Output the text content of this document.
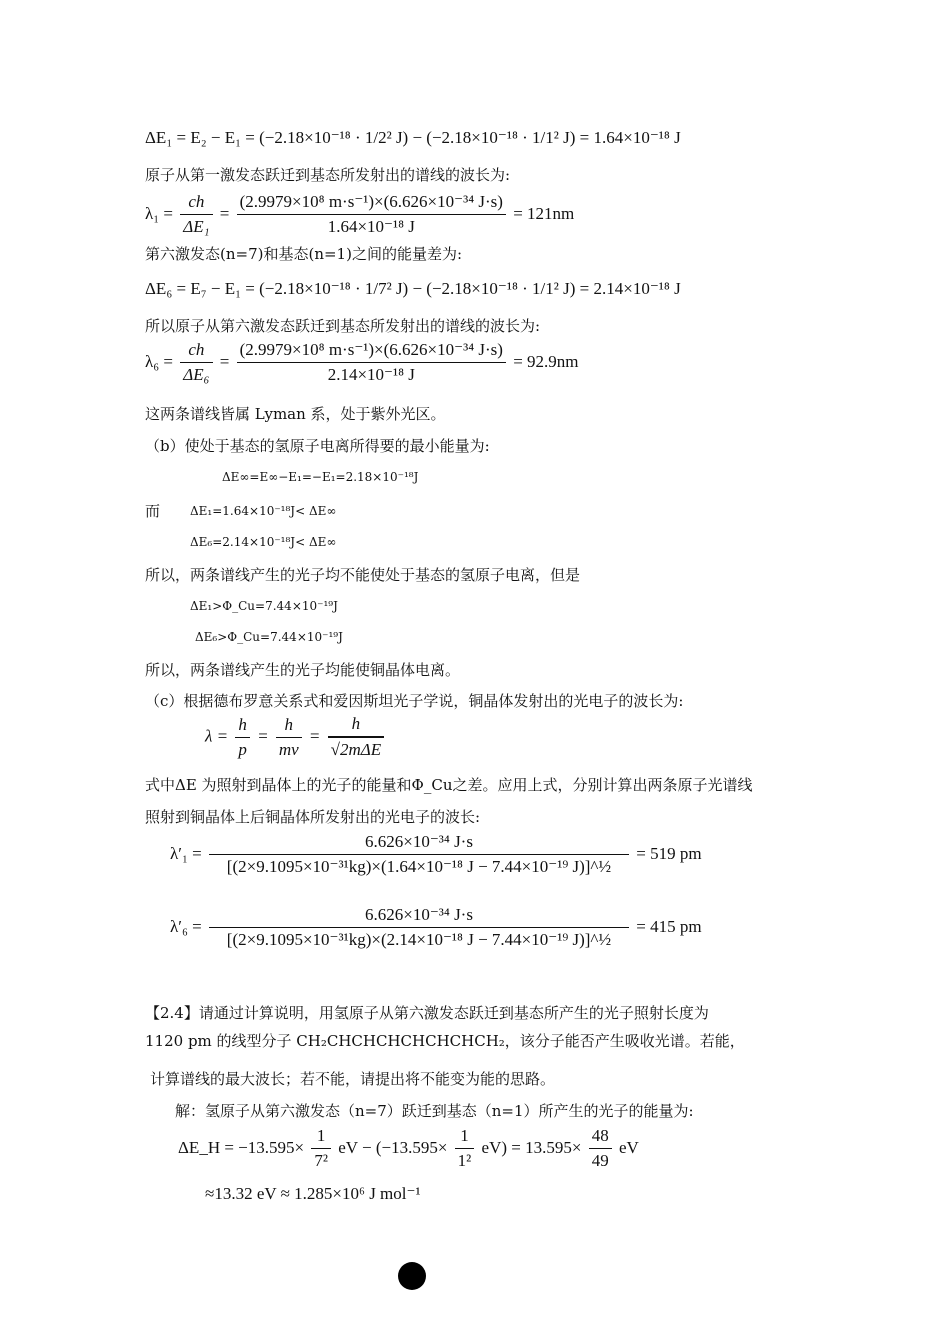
ΔE₁ = E₂ − E₁ = (−2.18×10⁻¹⁸ · 1/2² J) − (−2.18×10⁻¹⁸ · 1/1² J) = 1.64×10⁻¹⁸ J
原子从第一激发态跃迁到基态所发射出的谱线的波长为:
$\lambda_1 = \frac{ch}{\text{ΔE₁}} = \frac{\text{(2.9979×10⁸ m·s⁻¹)×(6.626×10⁻³⁴ J·s)}}{\text{1.64×10⁻¹⁸ J}} = 121nm$
第六激发态(n=7)和基态(n=1)之间的能量差为:
ΔE₆ = E₇ − E₁ = (−2.18×10⁻¹⁸ · 1/7² J) − (−2.18×10⁻¹⁸ · 1/1² J) = 2.14×10⁻¹⁸ J
所以原子从第六激发态跃迁到基态所发射出的谱线的波长为:
$\lambda_6 = \frac{ch}{\text{ΔE₆}} = \frac{\text{(2.9979×10⁸ m·s⁻¹)×(6.626×10⁻³⁴ J·s)}}{\text{2.14×10⁻¹⁸ J}} = 92.9nm$
这两条谱线皆属 Lyman 系，处于紫外光区。
（b）使处于基态的氢原子电离所得要的最小能量为:
ΔE∞=E∞−E₁=−E₁=2.18×10⁻¹⁸J
而 ΔE₁=1.64×10⁻¹⁸J< ΔE∞
ΔE₆=2.14×10⁻¹⁸J< ΔE∞
所以，两条谱线产生的光子均不能使处于基态的氢原子电离，但是
ΔE₁>Φ_Cu=7.44×10⁻¹⁹J
ΔE₆>Φ_Cu=7.44×10⁻¹⁹J
所以，两条谱线产生的光子均能使铜晶体电离。
（c）根据德布罗意关系式和爱因斯坦光子学说，铜晶体发射出的光电子的波长为:
$\lambda = \frac{h}{p} = \frac{h}{mv} = \frac{h}{\text{√2mΔE}}$
式中ΔE 为照射到晶体上的光子的能量和Φ_Cu之差。应用上式，分别计算出两条原子光谱线
照射到铜晶体上后铜晶体所发射出的光电子的波长:
$\lambda'_1 = \frac{\text{6.626×10⁻³⁴ J·s}}{\text{[(2×9.1095×10⁻³¹kg)×(1.64×10⁻¹⁸ J − 7.44×10⁻¹⁹ J)]\textasciicircum{}½}} = 519$ pm
$\lambda'_6 = \frac{\text{6.626×10⁻³⁴ J·s}}{\text{[(2×9.1095×10⁻³¹kg)×(2.14×10⁻¹⁸ J − 7.44×10⁻¹⁹ J)]\textasciicircum{}½}} = 415$ pm
【2.4】请通过计算说明，用氢原子从第六激发态跃迁到基态所产生的光子照射长度为
1120 pm 的线型分子 CH₂CHCHCHCHCHCHCH₂，该分子能否产生吸收光谱。若能，
计算谱线的最大波长；若不能，请提出将不能变为能的思路。
解：氢原子从第六激发态（n=7）跃迁到基态（n=1）所产生的光子的能量为:
ΔE_H = $-13.595\times \frac{1}{\text{7²}}$ eV − $(-13.595\times \frac{1}{\text{1²}} eV) = 13.595\times \frac{48}{49}$ eV
≈13.32 eV ≈ 1.285×10⁶ J mol⁻¹
